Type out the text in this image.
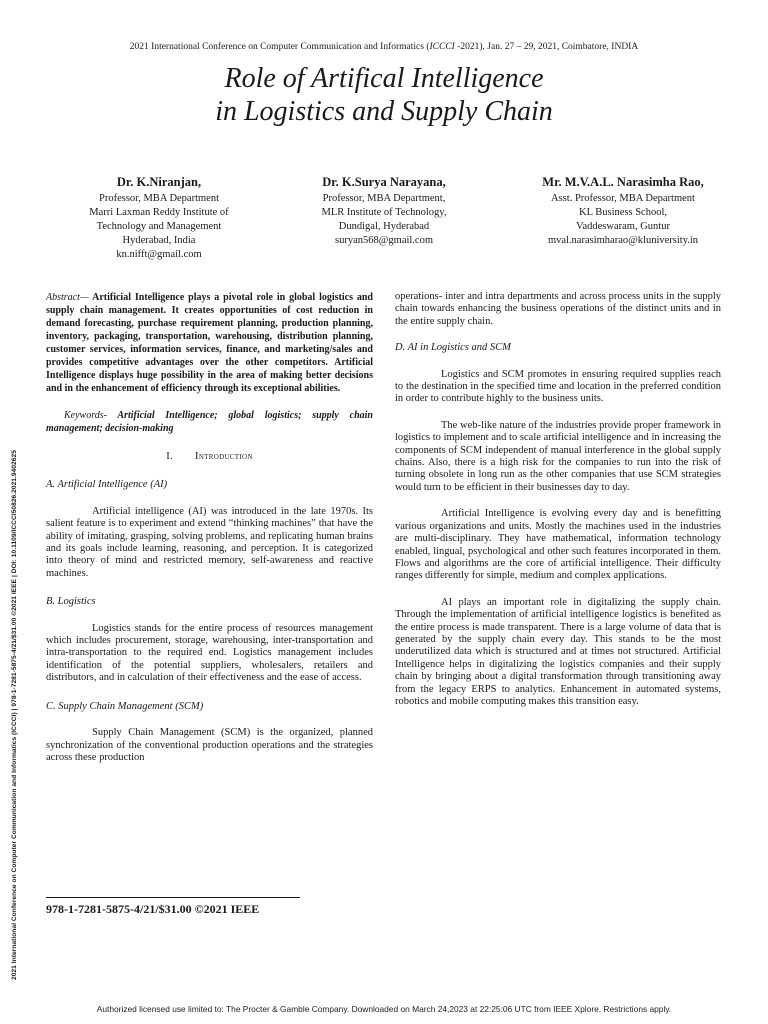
2021 International Conference on Computer Communication and Informatics (ICCCI -2021), Jan. 27 – 29, 2021, Coimbatore, INDIA
Role of Artifical Intelligence
in Logistics and Supply Chain
Dr. K.Niranjan,
Professor, MBA Department
Marri Laxman Reddy Institute of
Technology and Management
Hyderabad, India
kn.nifft@gmail.com
Dr. K.Surya Narayana,
Professor, MBA Department,
MLR Institute of Technology,
Dundigal, Hyderabad
suryan568@gmail.com
Mr. M.V.A.L. Narasimha Rao,
Asst. Professor, MBA Department
KL Business School,
Vaddeswaram, Guntur
mval.narasimharao@kluniversity.in

Abstract— Artificial Intelligence plays a pivotal role in global logistics and supply chain management. It creates opportunities of cost reduction in demand forecasting, purchase requirement planning, production planning, inventory, packaging, transportation, warehousing, distribution planning, customer services, information services, finance, and marketing/sales and provides competitive advantages over the other competitors. Artificial Intelligence displays huge possibility in the area of making better decisions and in the enhancement of efficiency through its exceptional abilities.

Keywords- Artificial Intelligence; global logistics; supply chain management; decision-making

I. Introduction

A. Artificial Intelligence (AI)

Artificial intelligence (AI) was introduced in the late 1970s. Its salient feature is to experiment and extend “thinking machines” that have the ability of imitating, grasping, solving problems, and replicating human brains and its goals include learning, reasoning, and perception. It is categorized into theory of mind and restricted memory, self-awareness and reactive machines.

B. Logistics

Logistics stands for the entire process of resources management which includes procurement, storage, warehousing, inter-transportation and intra-transportation to the required end. Logistics management includes identification of the potential suppliers, wholesalers, retailers and distributors, and in calculation of their effectiveness and the ease of access.

C. Supply Chain Management (SCM)

Supply Chain Management (SCM) is the organized, planned synchronization of the conventional production operations and the strategies across these production

operations- inter and intra departments and across process units in the supply chain towards enhancing the business operations of the distinct units and in the entire supply chain.

D. AI in Logistics and SCM

Logistics and SCM promotes in ensuring required supplies reach to the destination in the specified time and location in the preferred condition in order to contribute highly to the business units.

The web-like nature of the industries provide proper framework in logistics to implement and to scale artificial intelligence and in increasing the components of SCM independent of manual interference in the global supply chains. Also, there is a high risk for the companies to run into the risk of turning obsolete in long run as the other companies that use SCM strategies would turn to be efficient in their businesses day to day.

Artificial Intelligence is evolving every day and is benefitting various organizations and units. Mostly the machines used in the industries are multi-disciplinary. They have mathematical, information technology enabled, lingual, psychological and other such features incorporated in them. Flows and algorithms are the core of artificial intelligence. Their difficulty ranges differently for simple, medium and complex applications.

AI plays an important role in digitalizing the supply chain. Through the implementation of artificial intelligence logistics is benefited as the entire process is made transparent. There is a large volume of data that is generated by the supply chain every day. This stands to be the most underutilized data which is structured and at times not structured. Artificial Intelligence helps in digitalizing the logistics companies and their supply chain by bringing about a digital transformation through transitioning away from the legacy ERPS to analytics. Enhancement in automated systems, robotics and mobile computing makes this transition easy.

978-1-7281-5875-4/21/$31.00 ©2021 IEEE
2021 International Conference on Computer Communication and Informatics (ICCCI) | 978-1-7281-5875-4/21/$31.00 ©2021 IEEE | DOI: 10.1109/ICCCI50826.2021.9402625
Authorized licensed use limited to: The Procter & Gamble Company. Downloaded on March 24,2023 at 22:25:06 UTC from IEEE Xplore. Restrictions apply.
